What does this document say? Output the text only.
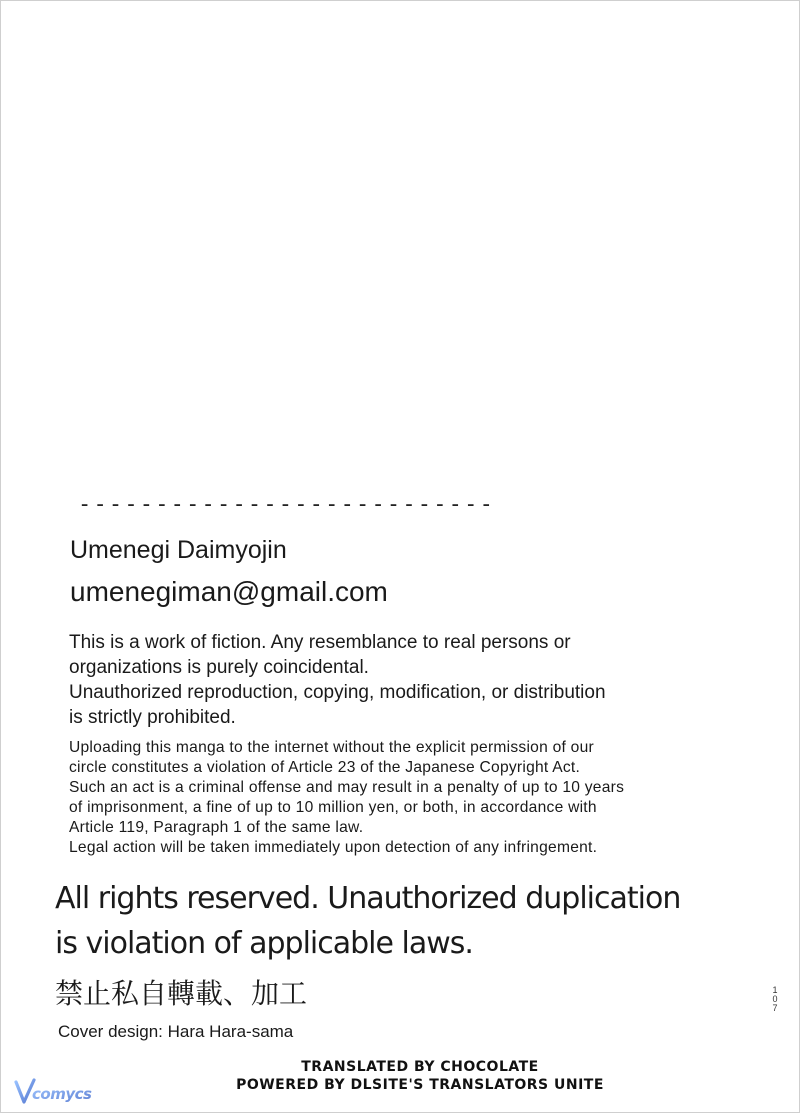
---------------------------
Umenegi Daimyojin
umenegiman@gmail.com

This is a work of fiction. Any resemblance to real persons or

organizations is purely coincidental.

Unauthorized reproduction, copying, modification, or distribution

is strictly prohibited.

Uploading this manga to the internet without the explicit permission of our

circle constitutes a violation of Article 23 of the Japanese Copyright Act.

Such an act is a criminal offense and may result in a penalty of up to 10 years

of imprisonment, a fine of up to 10 million yen, or both, in accordance with

Article 119, Paragraph 1 of the same law.

Legal action will be taken immediately upon detection of any infringement.

All rights reserved. Unauthorized duplication

is violation of applicable laws.

禁止私自轉載、加工	1
0
7
Cover design: Hara Hara-sama
TRANSLATED BY CHOCOLATE
POWERED BY DLSITE'S TRANSLATORS UNITE
comycs
